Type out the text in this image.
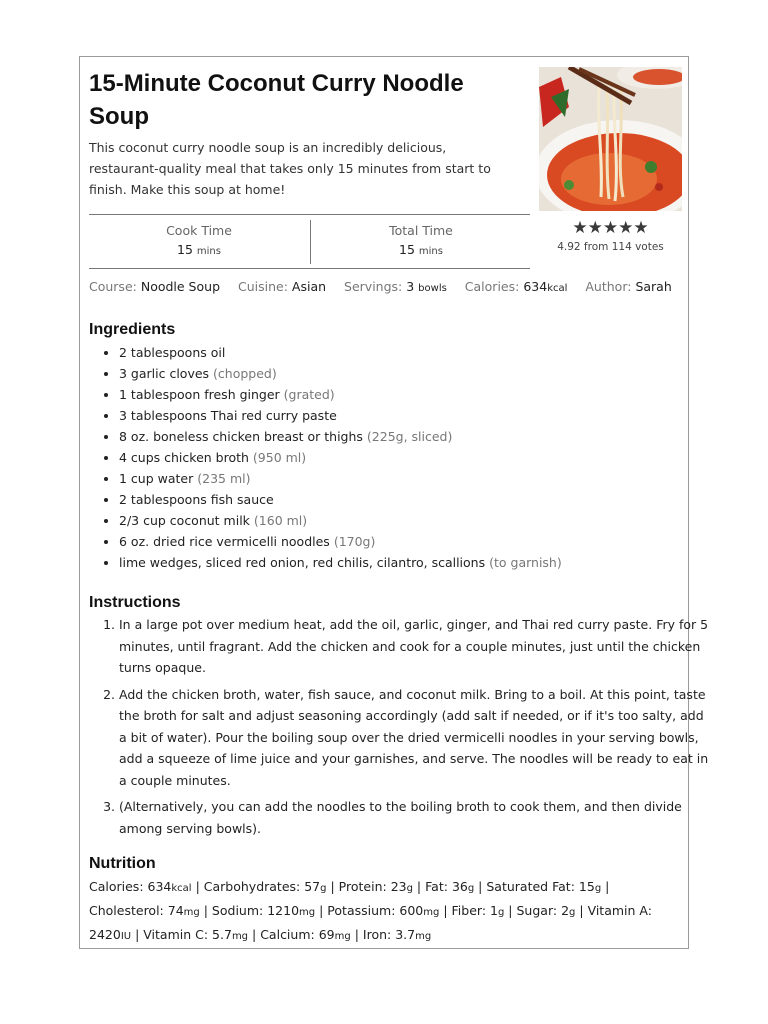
15-Minute Coconut Curry Noodle Soup

This coconut curry noodle soup is an incredibly delicious, restaurant-quality meal that takes only 15 minutes from start to finish. Make this soup at home!

★★★★★
4.92 from 114 votes
Cook Time
15 mins
Total Time
15 mins
Course: Noodle Soup Cuisine: Asian Servings: 3 bowls Calories: 634kcal Author: Sarah
Ingredients
• 2 tablespoons oil
• 3 garlic cloves (chopped)
• 1 tablespoon fresh ginger (grated)
• 3 tablespoons Thai red curry paste
• 8 oz. boneless chicken breast or thighs (225g, sliced)
• 4 cups chicken broth (950 ml)
• 1 cup water (235 ml)
• 2 tablespoons fish sauce
• 2/3 cup coconut milk (160 ml)
• 6 oz. dried rice vermicelli noodles (170g)
• lime wedges, sliced red onion, red chilis, cilantro, scallions (to garnish)
Instructions
1. In a large pot over medium heat, add the oil, garlic, ginger, and Thai red curry paste. Fry for 5 minutes, until fragrant. Add the chicken and cook for a couple minutes, just until the chicken turns opaque.
2. Add the chicken broth, water, fish sauce, and coconut milk. Bring to a boil. At this point, taste the broth for salt and adjust seasoning accordingly (add salt if needed, or if it's too salty, add a bit of water). Pour the boiling soup over the dried vermicelli noodles in your serving bowls, add a squeeze of lime juice and your garnishes, and serve. The noodles will be ready to eat in a couple minutes.
3. (Alternatively, you can add the noodles to the boiling broth to cook them, and then divide among serving bowls).
Nutrition

Calories: 634kcal | Carbohydrates: 57g | Protein: 23g | Fat: 36g | Saturated Fat: 15g | Cholesterol: 74mg | Sodium: 1210mg | Potassium: 600mg | Fiber: 1g | Sugar: 2g | Vitamin A: 2420IU | Vitamin C: 5.7mg | Calcium: 69mg | Iron: 3.7mg
